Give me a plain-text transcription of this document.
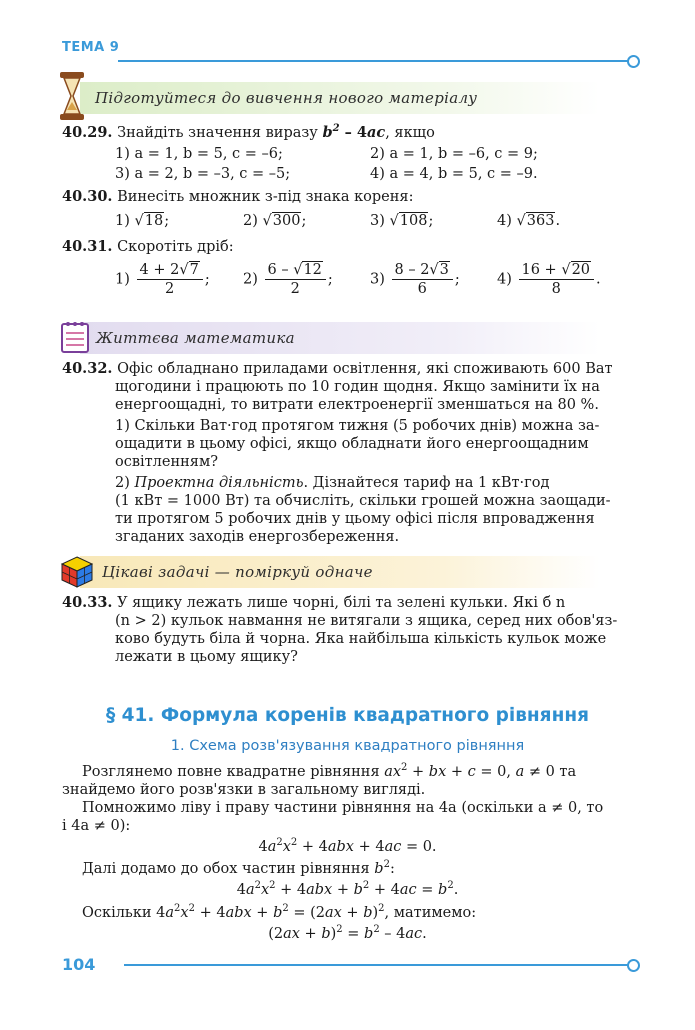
ТЕМА 9
Підготуйтеся до вивчення нового матеріалу
40.29. Знайдіть значення виразу $b^2 - 4ac$, якщо
1) a = 1, b = 5, c = –6;	2) a = 1, b = –6, c = 9;
3) a = 2, b = –3, c = –5;	4) a = 4, b = 5, c = –9.
40.30. Винесіть множник з-під знака кореня:
1) √18;	2) √300;	3) √108;	4) √363.
40.31. Скоротіть дріб:
$1) \frac{4 + 2√7}{2}$ ; $2) \frac{6 - √12}{2}$ ;	$3) \frac{8 - 2√3}{6}$ ;	$4) \frac{16 + √20}{8}$ .
Життєва математика
40.32. Офіс обладнано приладами освітлення, які споживають 600 Ват
щогодини і працюють по 10 годин щодня. Якщо замінити їх на
енергоощадні, то витрати електроенергії зменшаться на 80 %.
1) Скільки Ват·год протягом тижня (5 робочих днів) можна за-
ощадити в цьому офісі, якщо обладнати його енергоощадним
освітленням?
2) Проектна діяльність. Дізнайтеся тариф на 1 кВт·год
(1 кВт = 1000 Вт) та обчисліть, скільки грошей можна заощади-
ти протягом 5 робочих днів у цьому офісі після впровадження
згаданих заходів енергозбереження.
Цікаві задачі — поміркуй одначе
40.33. У ящику лежать лише чорні, білі та зелені кульки. Які б n
(n > 2) кульок навмання не витягали з ящика, серед них обов'яз-
ково будуть біла й чорна. Яка найбільша кількість кульок може
лежати в цьому ящику?
§ 41. Формула коренів квадратного рівняння
1. Схема розв'язування квадратного рівняння
Розглянемо повне квадратне рівняння $ax^2$ + bx + c = 0, a ≠ 0 та
знайдемо його розв'язки в загальному вигляді.
Помножимо ліву і праву частини рівняння на 4a (оскільки a ≠ 0, то
і 4a ≠ 0):
$4a^2x^2 + 4abx + 4ac = 0$.
Далі додамо до обох частин рівняння $b^2$:
$4a^2x^2 + 4abx + b^2 + 4ac = b^2$.
Оскільки $4a^2x^2 + 4abx + b^2 = (2ax + b)^2$, матимемо:
$(2ax + b)^2 = b^2 - 4ac$.
104
